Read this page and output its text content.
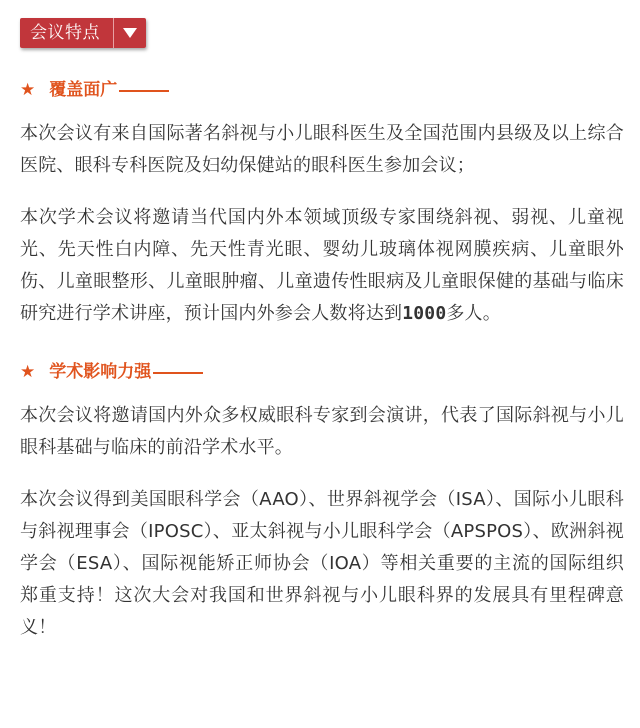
会议特点
★ 覆盖面广

本次会议有来自国际著名斜视与小儿眼科医生及全国范围内县级及以上综合医院、眼科专科医院及妇幼保健站的眼科医生参加会议；

本次学术会议将邀请当代国内外本领域顶级专家围绕斜视、弱视、儿童视光、先天性白内障、先天性青光眼、婴幼儿玻璃体视网膜疾病、儿童眼外伤、儿童眼整形、儿童眼肿瘤、儿童遗传性眼病及儿童眼保健的基础与临床研究进行学术讲座，预计国内外参会人数将达到1000多人。

★ 学术影响力强

本次会议将邀请国内外众多权威眼科专家到会演讲，代表了国际斜视与小儿眼科基础与临床的前沿学术水平。

本次会议得到美国眼科学会（AAO）、世界斜视学会（ISA）、国际小儿眼科与斜视理事会（IPOSC）、亚太斜视与小儿眼科学会（APSPOS）、欧洲斜视学会（ESA）、国际视能矫正师协会（IOA）等相关重要的主流的国际组织郑重支持！这次大会对我国和世界斜视与小儿眼科界的发展具有里程碑意义！
